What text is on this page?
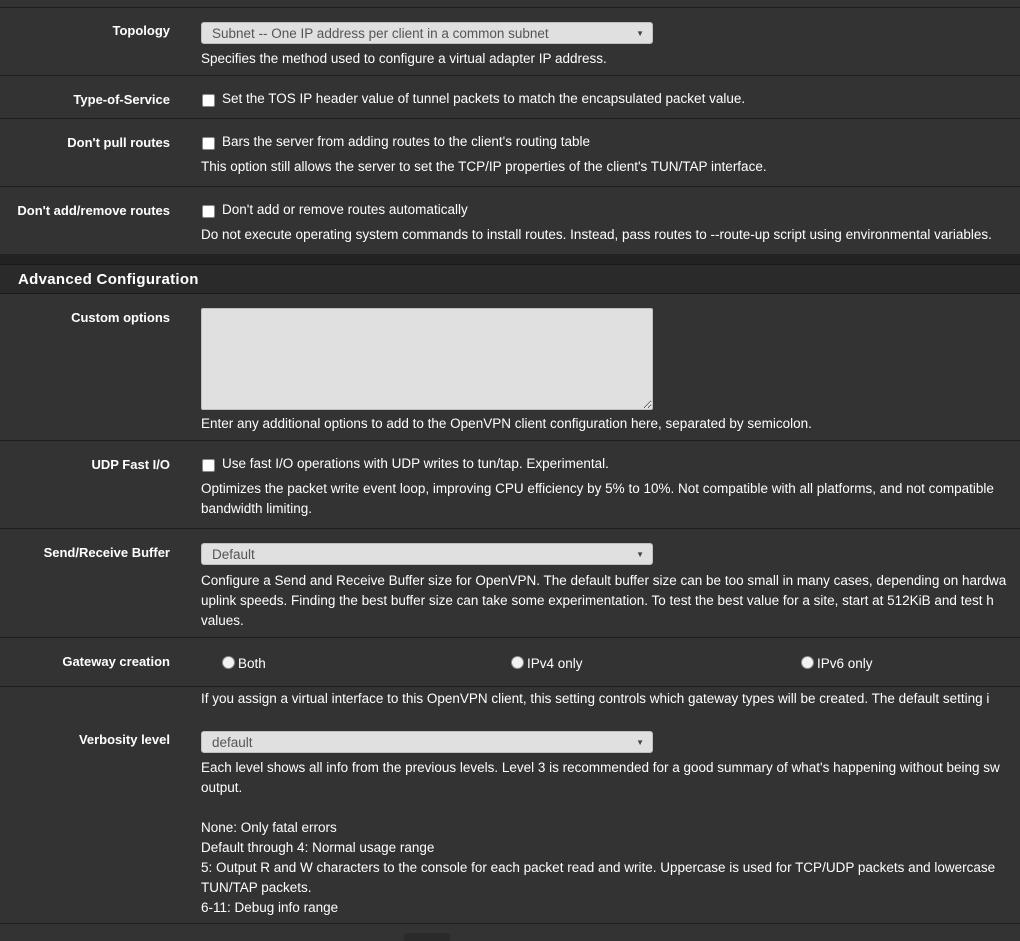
Topology	Subnet -- One IP address per client in a common subnet	▼
Specifies the method used to configure a virtual adapter IP address.
Type-of-Service	Set the TOS IP header value of tunnel packets to match the encapsulated packet value.
Don't pull routes	Bars the server from adding routes to the client's routing table
This option still allows the server to set the TCP/IP properties of the client's TUN/TAP interface.
Don't add/remove routes	Don't add or remove routes automatically
Do not execute operating system commands to install routes. Instead, pass routes to --route-up script using environmental variables.
Advanced Configuration
Custom options
Enter any additional options to add to the OpenVPN client configuration here, separated by semicolon.
UDP Fast I/O	Use fast I/O operations with UDP writes to tun/tap. Experimental.
Optimizes the packet write event loop, improving CPU efficiency by 5% to 10%. Not compatible with all platforms, and not compatible
bandwidth limiting.
Send/Receive Buffer	Default	▼
Configure a Send and Receive Buffer size for OpenVPN. The default buffer size can be too small in many cases, depending on hardwa
uplink speeds. Finding the best buffer size can take some experimentation. To test the best value for a site, start at 512KiB and test h
values.
Gateway creation	Both	IPv4 only	IPv6 only
If you assign a virtual interface to this OpenVPN client, this setting controls which gateway types will be created. The default setting i
Verbosity level	default	▼
Each level shows all info from the previous levels. Level 3 is recommended for a good summary of what's happening without being sw
output.
None: Only fatal errors
Default through 4: Normal usage range
5: Output R and W characters to the console for each packet read and write. Uppercase is used for TCP/UDP packets and lowercase
TUN/TAP packets.
6-11: Debug info range
